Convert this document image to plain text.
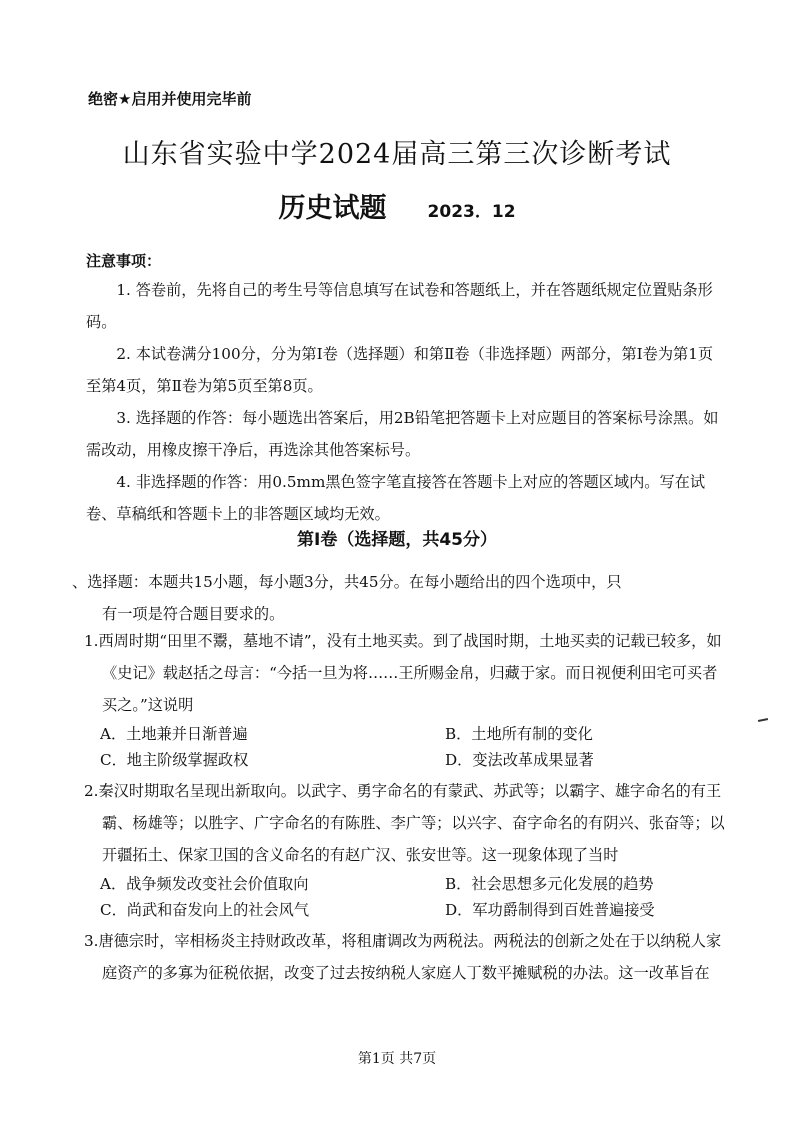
绝密★启用并使用完毕前
山东省实验中学2024届高三第三次诊断考试
历史试题 2023．12
注意事项：

1. 答卷前，先将自己的考生号等信息填写在试卷和答题纸上，并在答题纸规定位置贴条形码。

2. 本试卷满分100分，分为第Ⅰ卷（选择题）和第Ⅱ卷（非选择题）两部分，第Ⅰ卷为第1页至第4页，第Ⅱ卷为第5页至第8页。

3. 选择题的作答：每小题选出答案后，用2B铅笔把答题卡上对应题目的答案标号涂黑。如需改动，用橡皮擦干净后，再选涂其他答案标号。

4. 非选择题的作答：用0.5mm黑色签字笔直接答在答题卡上对应的答题区域内。写在试卷、草稿纸和答题卡上的非答题区域均无效。

第Ⅰ卷（选择题，共45分）
、选择题：本题共15小题，每小题3分，共45分。在每小题给出的四个选项中，只
有一项是符合题目要求的。
1.西周时期“田里不鬻，墓地不请”，没有土地买卖。到了战国时期，土地买卖的记载已较多，如《史记》载赵括之母言：“今括一旦为将……王所赐金帛，归藏于家。而日视便利田宅可买者买之。”这说明
A．土地兼并日渐普遍	B．土地所有制的变化
C．地主阶级掌握政权	D．变法改革成果显著
2.秦汉时期取名呈现出新取向。以武字、勇字命名的有蒙武、苏武等；以霸字、雄字命名的有王霸、杨雄等；以胜字、广字命名的有陈胜、李广等；以兴字、奋字命名的有阴兴、张奋等；以开疆拓土、保家卫国的含义命名的有赵广汉、张安世等。这一现象体现了当时
A．战争频发改变社会价值取向	B．社会思想多元化发展的趋势
C．尚武和奋发向上的社会风气	D．军功爵制得到百姓普遍接受
3.唐德宗时，宰相杨炎主持财政改革，将租庸调改为两税法。两税法的创新之处在于以纳税人家庭资产的多寡为征税依据，改变了过去按纳税人家庭人丁数平摊赋税的办法。这一改革旨在
第1页 共7页
